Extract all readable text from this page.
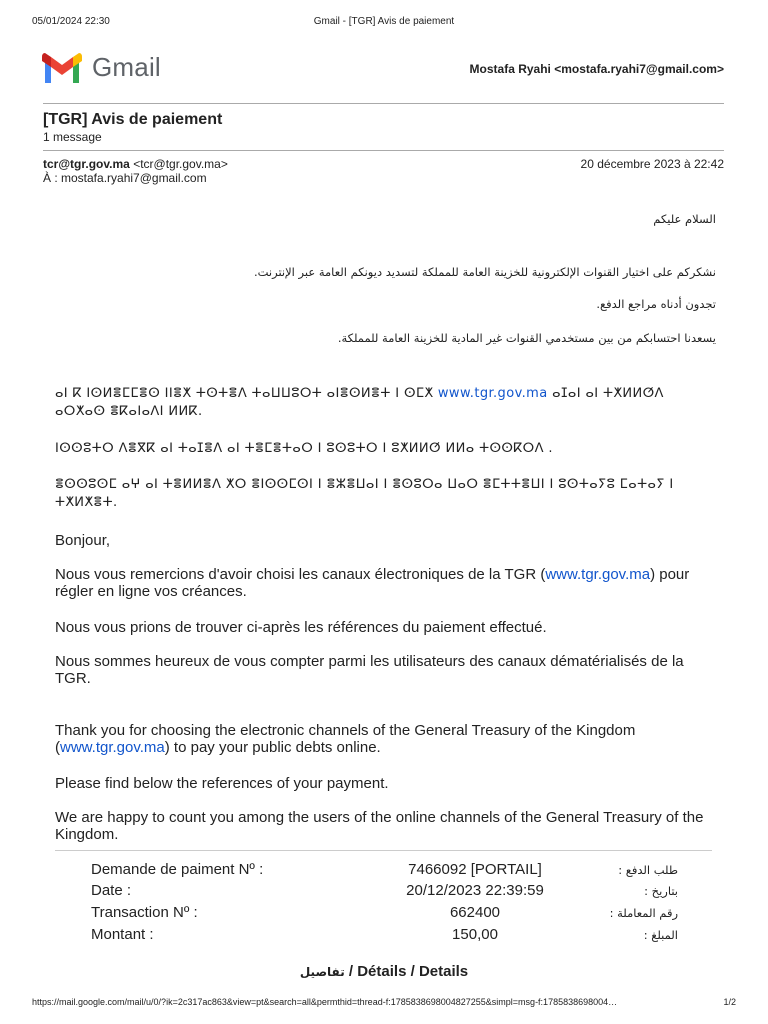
05/01/2024 22:30	Gmail - [TGR] Avis de paiement
Gmail	Mostafa Ryahi <mostafa.ryahi7@gmail.com>
[TGR] Avis de paiement
1 message
tcr@tgr.gov.ma <tcr@tgr.gov.ma>
À : mostafa.ryahi7@gmail.com
20 décembre 2023 à 22:42
السلام عليكم
نشكركم على اختيار القنوات الإلكترونية للخزينة العامة للمملكة لتسديد ديونكم العامة عبر الإنترنت.
تجدون أدناه مراجع الدفع.
يسعدنا احتسابكم من بين مستخدمي القنوات غير المادية للخزينة العامة للمملكة.
ⴰⵏ ⴽ ⵏⵙⵍⴻⵎⵎⴻⵙ ⵏⵏⴻⵅ ⵜⵙⵜⴻⴷ ⵜⴰⵡⵡⵓⵔⵜ ⴰⵏⴻⵙⵍⴻⵜ ⵏ ⵙⵎⵅ www.tgr.gov.ma ⴰⵊⴰⵏ ⴰⵏ ⵜⵅⵍⵍⵚⴷ ⴰⵔⵅⴰⵙ ⴻⴽⴰⵏⴰⴷⵏ ⵍⵍⴽ.
ⵏⵙⵙⵓⵜⵔ ⴷⴻⴳⴽ ⴰⵏ ⵜⴰⵊⴻⴷ ⴰⵏ ⵜⴻⵎⴻⵜⴰⵔ ⵏ ⵓⵙⵓⵜⵔ ⵏ ⵓⵅⵍⵍⵚ ⵍⵍⴰ ⵜⵙⵙⴽⵔⴷ .
ⴻⵙⵙⵓⵙⵎ ⴰⵖ ⴰⵏ ⵜⴻⵍⵍⴻⴷ ⵅⵔ ⴻⵏⵙⵙⵎⵙⵏ ⵏ ⴻⵣⴻⵡⴰⵏ ⵏ ⴻⵙⵓⵔⴰ ⵡⴰⵔ ⴻⵎⵜⵜⴻⵡⵏ ⵏ ⵓⵙⵜⴰⵢⵓ ⵎⴰⵜⴰⵢ ⵏ ⵜⵅⵍⵅⴻⵜ.
Bonjour,
Nous vous remercions d'avoir choisi les canaux électroniques de la TGR (www.tgr.gov.ma) pour régler en ligne vos créances.
Nous vous prions de trouver ci-après les références du paiement effectué.
Nous sommes heureux de vous compter parmi les utilisateurs des canaux dématérialisés de la TGR.
Thank you for choosing the electronic channels of the General Treasury of the Kingdom (www.tgr.gov.ma) to pay your public debts online.
Please find below the references of your payment.
We are happy to count you among the users of the online channels of the General Treasury of the Kingdom.
Demande de paiment Nº :	7466092 [PORTAIL]	طلب الدفع :
Date :	20/12/2023 22:39:59	بتاريخ :
Transaction Nº :	662400	رقم المعاملة :
Montant :	150,00	المبلغ :
تفاصيل / Détails / Details
https://mail.google.com/mail/u/0/?ik=2c317ac863&view=pt&search=all&permthid=thread-f:1785838698004827255&simpl=msg-f:1785838698004…	1/2
